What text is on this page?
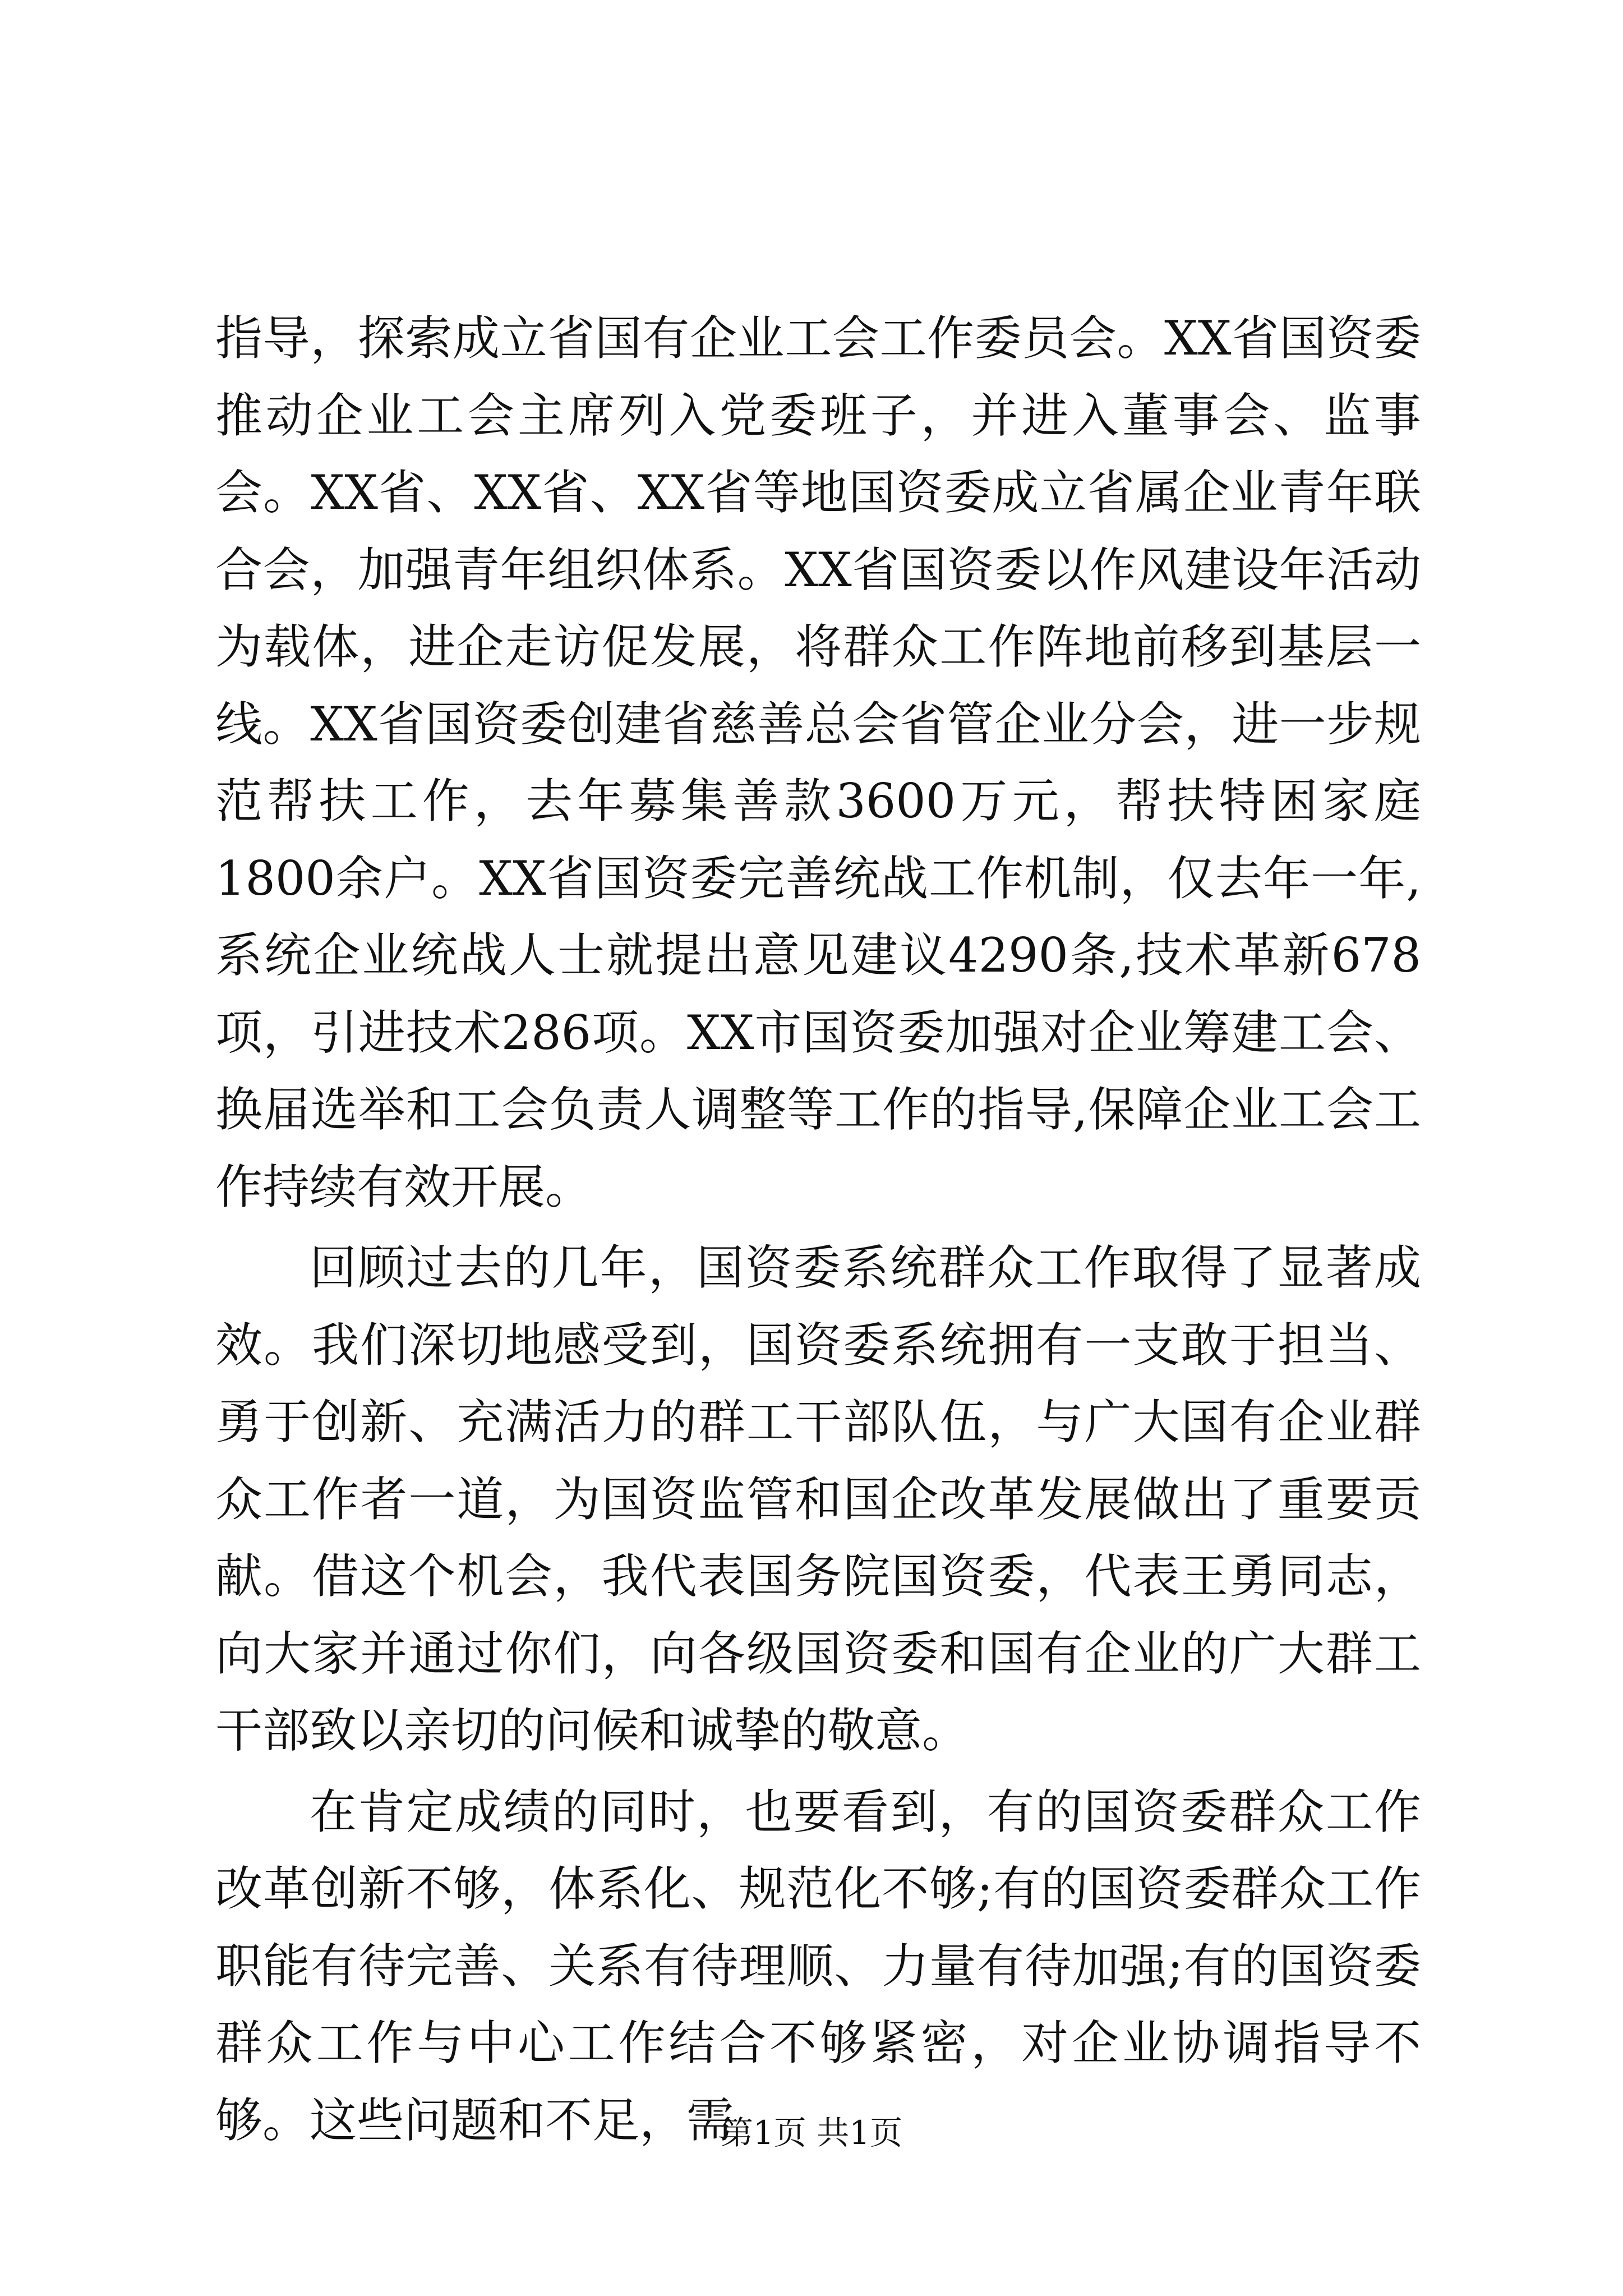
指导，探索成立省国有企业工会工作委员会。XX省国资委推动企业工会主席列入党委班子，并进入董事会、监事会。XX省、XX省、XX省等地国资委成立省属企业青年联合会，加强青年组织体系。XX省国资委以作风建设年活动为载体，进企走访促发展，将群众工作阵地前移到基层一线。XX省国资委创建省慈善总会省管企业分会，进一步规范帮扶工作，去年募集善款3600万元，帮扶特困家庭1800余户。XX省国资委完善统战工作机制，仅去年一年,系统企业统战人士就提出意见建议4290条,技术革新678项，引进技术286项。XX市国资委加强对企业筹建工会、换届选举和工会负责人调整等工作的指导,保障企业工会工作持续有效开展。

回顾过去的几年，国资委系统群众工作取得了显著成效。我们深切地感受到，国资委系统拥有一支敢于担当、勇于创新、充满活力的群工干部队伍，与广大国有企业群众工作者一道，为国资监管和国企改革发展做出了重要贡献。借这个机会，我代表国务院国资委，代表王勇同志，向大家并通过你们，向各级国资委和国有企业的广大群工干部致以亲切的问候和诚挚的敬意。

在肯定成绩的同时，也要看到，有的国资委群众工作改革创新不够，体系化、规范化不够;有的国资委群众工作职能有待完善、关系有待理顺、力量有待加强;有的国资委群众工作与中心工作结合不够紧密，对企业协调指导不够。这些问题和不足，需

第1页 共1页
